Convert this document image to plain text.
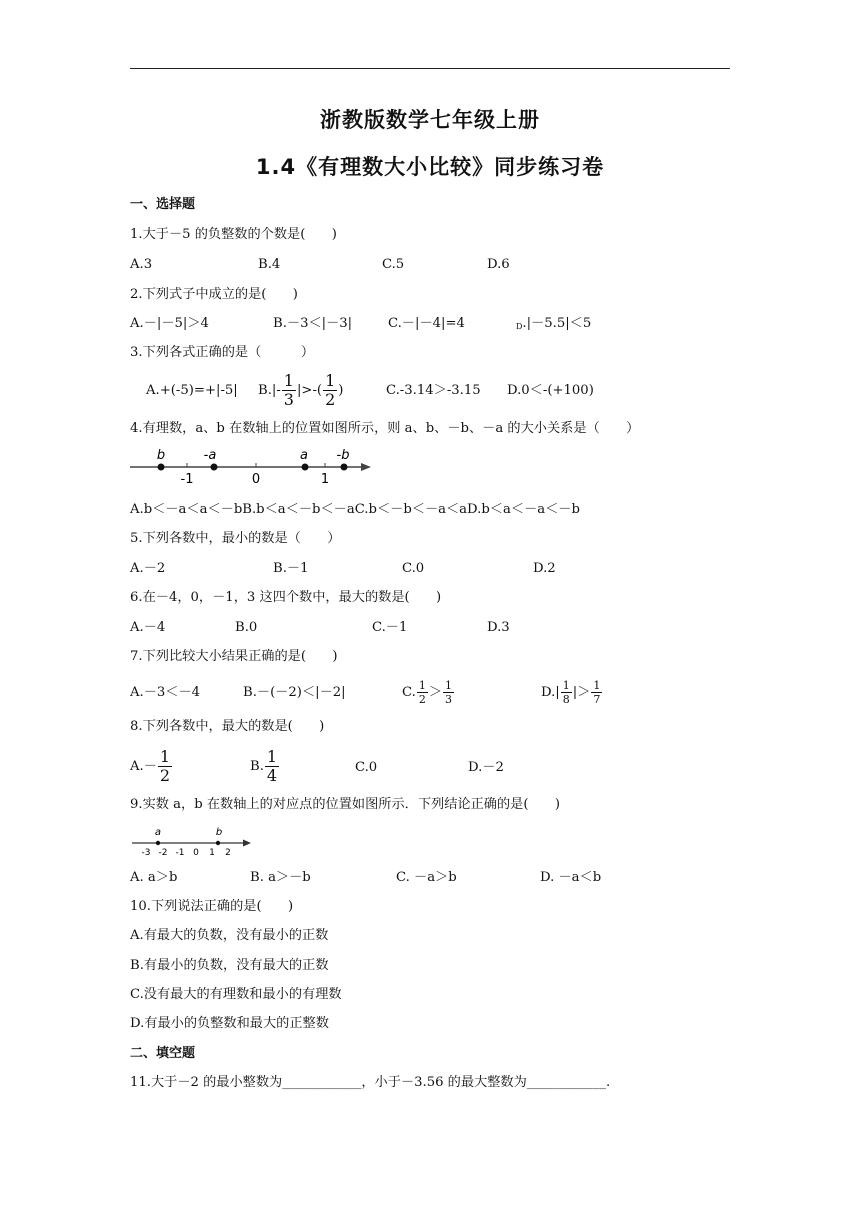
浙教版数学七年级上册
1.4《有理数大小比较》同步练习卷
一、选择题
1.大于－5 的负整数的个数是(　　)
A.3	B.4	C.5	D.6
2.下列式子中成立的是(　　)
A.－|－5|＞4	B.－3＜|－3|	C.－|－4|=4	D.|－5.5|＜5
3.下列各式正确的是（　　　）
A.+(-5)=+|-5| $B.|- \frac{1}{3}$ |>-( $\frac{1}{2}$ )	C.-3.14＞-3.15 D.0＜-(+100)
4.有理数，a、b 在数轴上的位置如图所示，则 a、b、－b、－a 的大小关系是（　　）
b	-a	a -b
-1	0	1
A.b＜－a＜a＜－bB.b＜a＜－b＜－aC.b＜－b＜－a＜aD.b＜a＜－a＜－b
5.下列各数中，最小的数是（　　）
A.－2	B.－1	C.0	D.2
6.在－4，0，－1，3 这四个数中，最大的数是(　　)
A.－4	B.0	C.－1	D.3
7.下列比较大小结果正确的是(　　)
A.－3＜－4	B.－(－2)＜|－2|	C. $\frac{1}{2} > \frac{1}{3}$	$D.| \frac{1}{8}$ |＞ $\frac{1}{7}$
8.下列各数中，最大的数是(　　)
$A.- \frac{1}{2}$	B. $\frac{1}{4}$	C.0	D.－2
9.实数 a，b 在数轴上的对应点的位置如图所示．下列结论正确的是(　　)
a	b
-3 -2 -1 0 1 2
A. a＞b	B. a＞－b	C. －a＞b	D. －a＜b
10.下列说法正确的是(　　)
A.有最大的负数，没有最小的正数
B.有最小的负数，没有最大的正数
C.没有最大的有理数和最小的有理数
D.有最小的负整数和最大的正整数
二、填空题
11.大于－2 的最小整数为____________，小于－3.56 的最大整数为____________.
